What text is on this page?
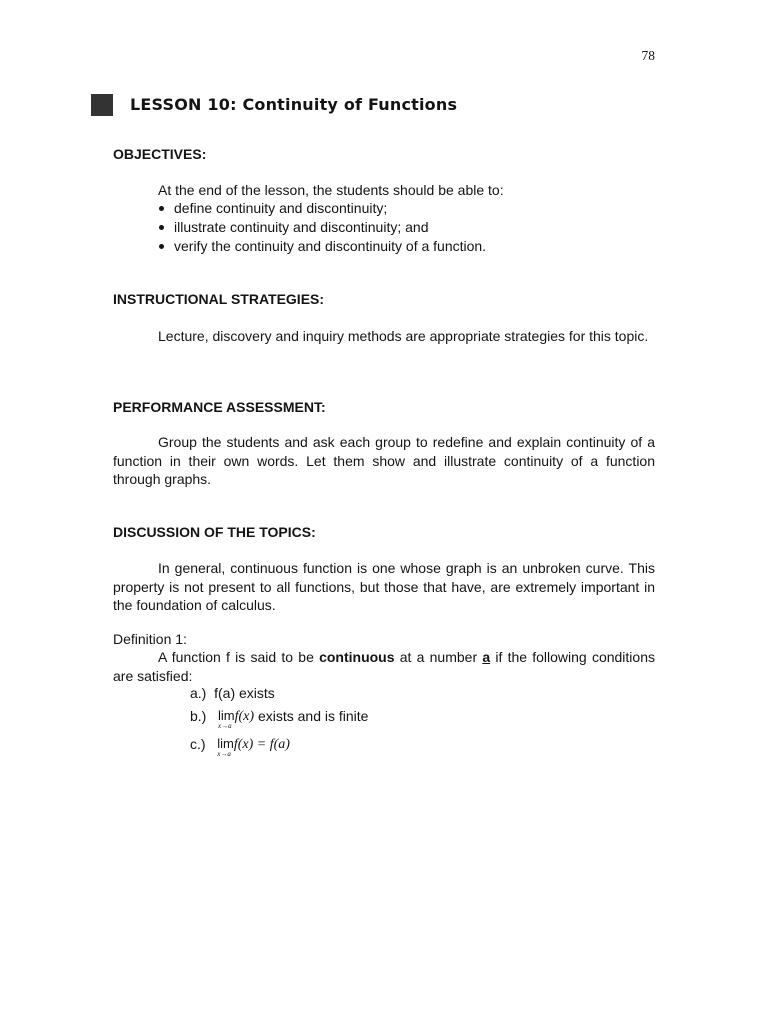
78
LESSON 10: Continuity of Functions
OBJECTIVES:
At the end of the lesson, the students should be able to:
define continuity and discontinuity;
illustrate continuity and discontinuity; and
verify the continuity and discontinuity of a function.
INSTRUCTIONAL STRATEGIES:
Lecture, discovery and inquiry methods are appropriate strategies for this topic.
PERFORMANCE ASSESSMENT:
Group the students and ask each group to redefine and explain continuity of a function in their own words. Let them show and illustrate continuity of a function through graphs.
DISCUSSION OF THE TOPICS:
In general, continuous function is one whose graph is an unbroken curve. This property is not present to all functions, but those that have, are extremely important in the foundation of calculus.
Definition 1:
A function f is said to be continuous at a number a if the following conditions are satisfied:
a.) f(a) exists
b.) limf(x)
x→a
exists and is finite
c.) limf(x) = f(a)
x→a
